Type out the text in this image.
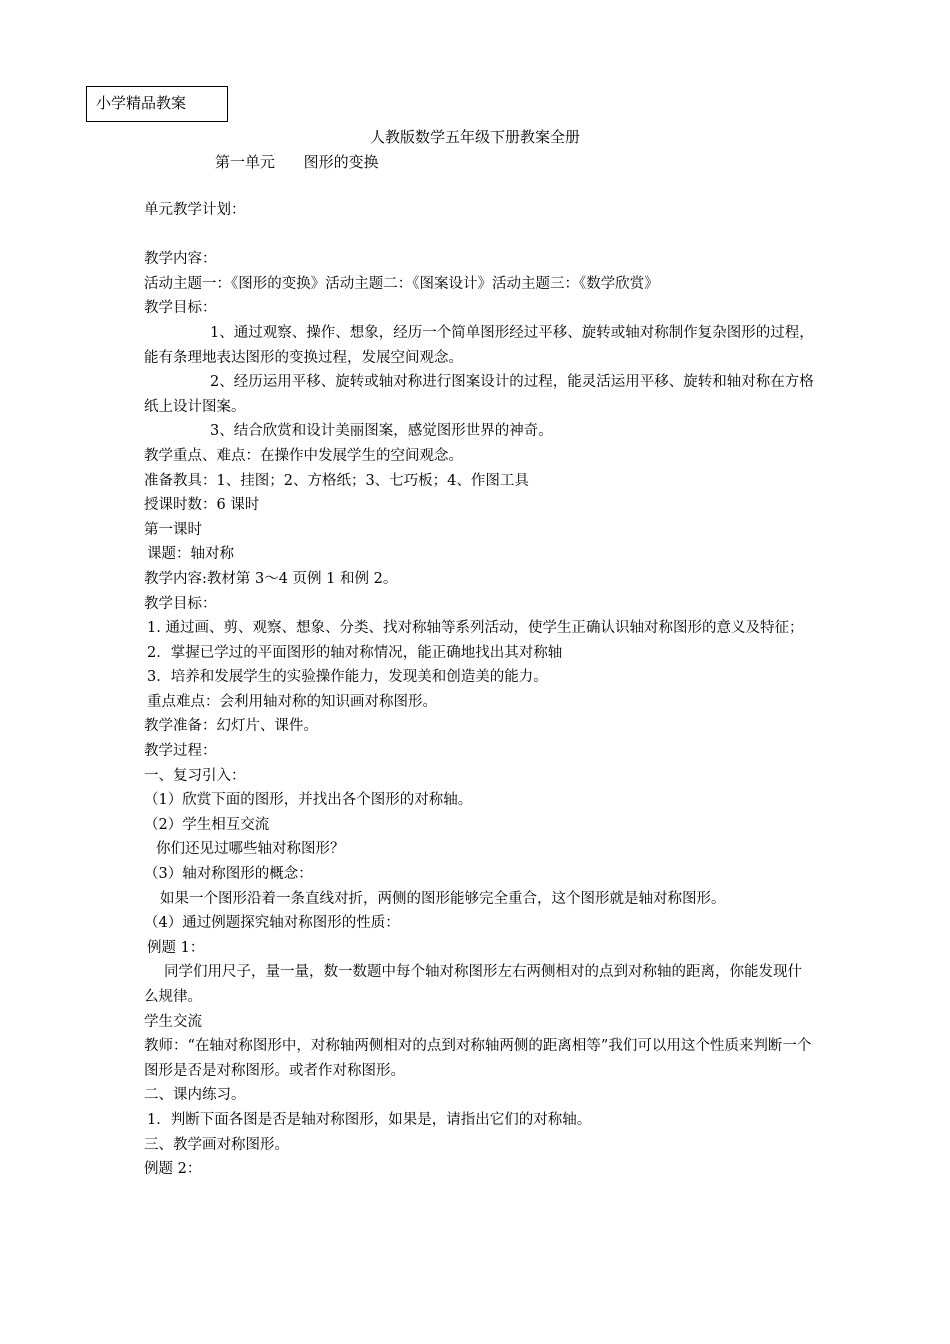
小学精品教案
人教版数学五年级下册教案全册
第一单元      图形的变换

单元教学计划：

教学内容：

活动主题一：《图形的变换》活动主题二：《图案设计》活动主题三：《数学欣赏》

教学目标：

1、通过观察、操作、想象，经历一个简单图形经过平移、旋转或轴对称制作复杂图形的过程，能有条理地表达图形的变换过程，发展空间观念。

2、经历运用平移、旋转或轴对称进行图案设计的过程，能灵活运用平移、旋转和轴对称在方格纸上设计图案。

3、结合欣赏和设计美丽图案，感觉图形世界的神奇。

教学重点、难点：在操作中发展学生的空间观念。

准备教具：1、挂图；2、方格纸；3、七巧板；4、作图工具

授课时数：6 课时

第一课时

课题：轴对称

教学内容:教材第 3～4 页例 1 和例 2。

教学目标：

1. 通过画、剪、观察、想象、分类、找对称轴等系列活动，使学生正确认识轴对称图形的意义及特征；

2．掌握已学过的平面图形的轴对称情况，能正确地找出其对称轴

3．培养和发展学生的实验操作能力，发现美和创造美的能力。

重点难点：会利用轴对称的知识画对称图形。

教学准备：幻灯片、课件。

教学过程：

一、复习引入：

（1）欣赏下面的图形，并找出各个图形的对称轴。

（2）学生相互交流

你们还见过哪些轴对称图形？

（3）轴对称图形的概念：

如果一个图形沿着一条直线对折，两侧的图形能够完全重合，这个图形就是轴对称图形。

（4）通过例题探究轴对称图形的性质：

例题 1：

同学们用尺子，量一量，数一数题中每个轴对称图形左右两侧相对的点到对称轴的距离，你能发现什么规律。

学生交流

教师：“在轴对称图形中，对称轴两侧相对的点到对称轴两侧的距离相等”我们可以用这个性质来判断一个图形是否是对称图形。或者作对称图形。

二、课内练习。

1．判断下面各图是否是轴对称图形，如果是，请指出它们的对称轴。

三、教学画对称图形。

例题 2：
